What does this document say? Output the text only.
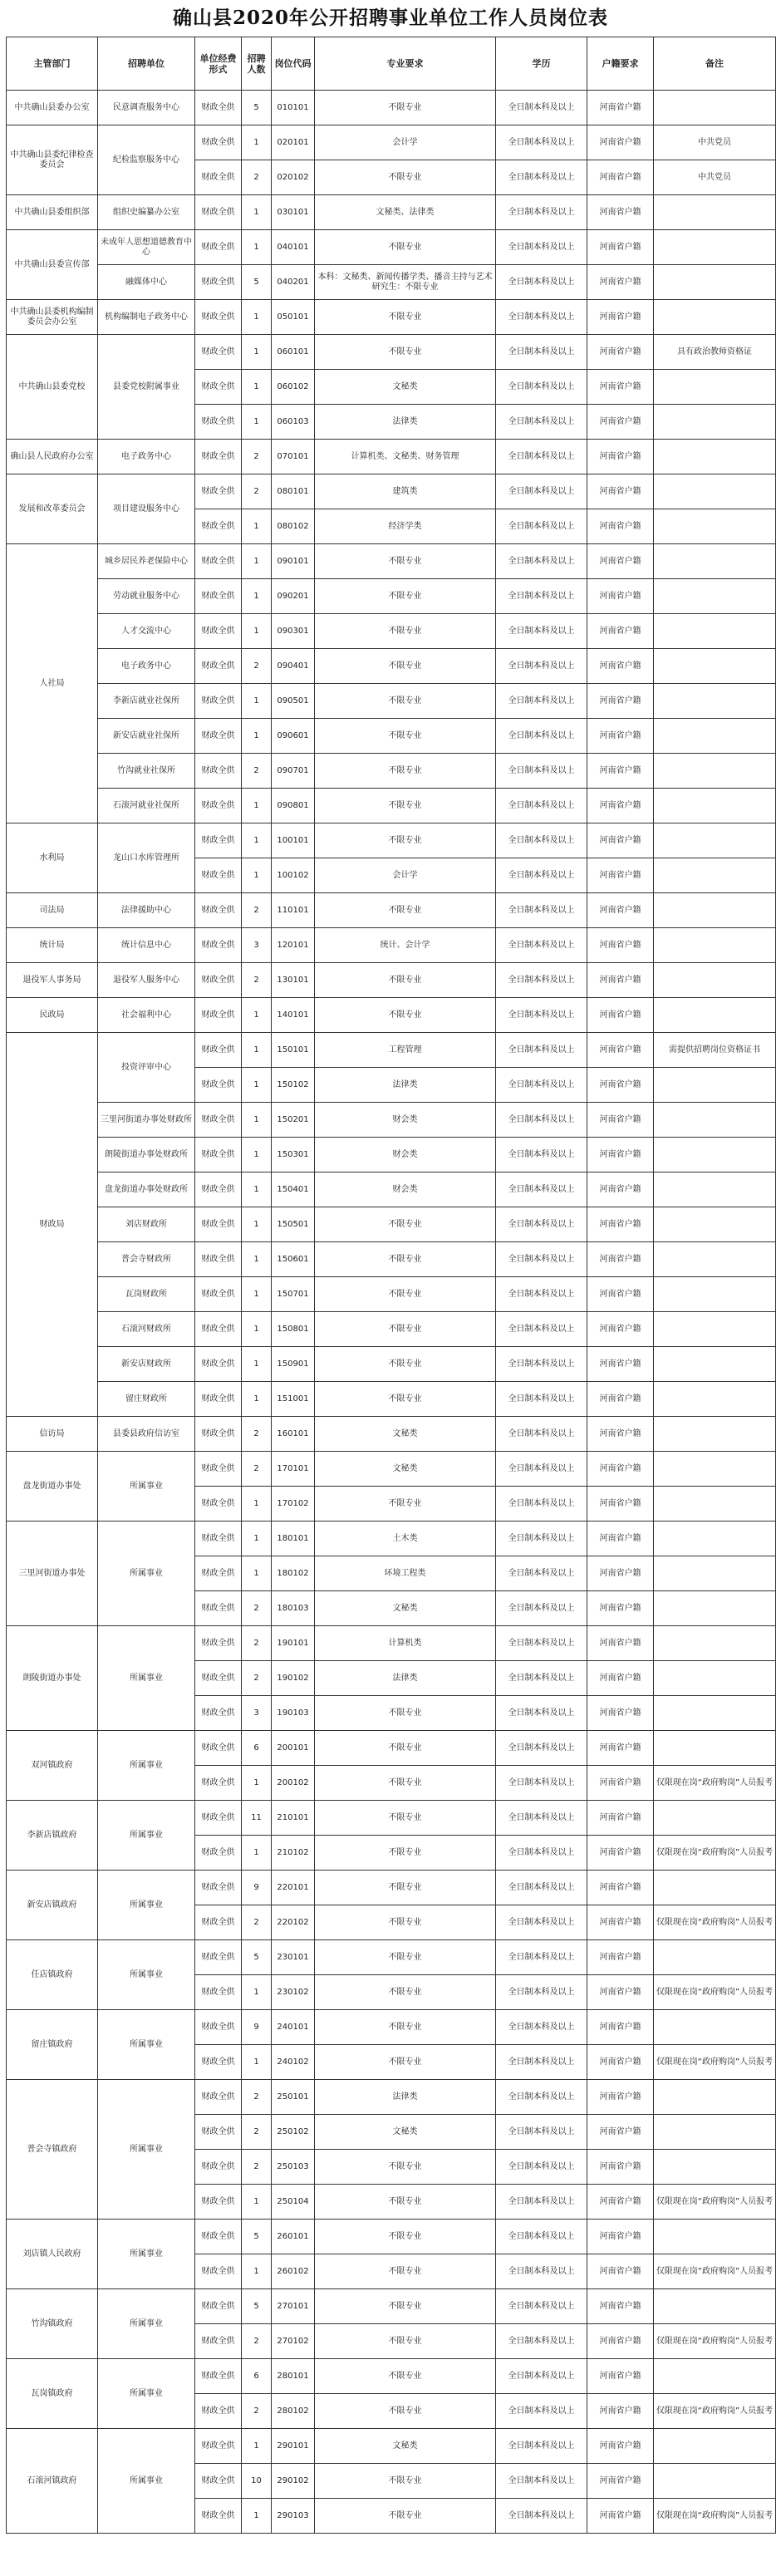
确山县2020年公开招聘事业单位工作人员岗位表
主管部门	招聘单位	单位经费形式	招聘人数	岗位代码	专业要求	学历	户籍要求	备注
中共确山县委办公室	民意调查服务中心	财政全供	5	010101	不限专业	全日制本科及以上	河南省户籍	
中共确山县委纪律检查委员会	纪检监察服务中心	财政全供	1	020101	会计学	全日制本科及以上	河南省户籍	中共党员
		财政全供	2	020102	不限专业	全日制本科及以上	河南省户籍	中共党员
中共确山县委组织部	组织史编纂办公室	财政全供	1	030101	文秘类、法律类	全日制本科及以上	河南省户籍	
中共确山县委宣传部	未成年人思想道德教育中心	财政全供	1	040101	不限专业	全日制本科及以上	河南省户籍	
	融媒体中心	财政全供	5	040201	本科：文秘类、新闻传播学类、播音主持与艺术　研究生：不限专业	全日制本科及以上	河南省户籍	
中共确山县委机构编制委员会办公室	机构编制电子政务中心	财政全供	1	050101	不限专业	全日制本科及以上	河南省户籍	
中共确山县委党校	县委党校附属事业	财政全供	1	060101	不限专业	全日制本科及以上	河南省户籍	具有政治教师资格证
		财政全供	1	060102	文秘类	全日制本科及以上	河南省户籍	
		财政全供	1	060103	法律类	全日制本科及以上	河南省户籍	
确山县人民政府办公室	电子政务中心	财政全供	2	070101	计算机类、文秘类、财务管理	全日制本科及以上	河南省户籍	
发展和改革委员会	项目建设服务中心	财政全供	2	080101	建筑类	全日制本科及以上	河南省户籍	
		财政全供	1	080102	经济学类	全日制本科及以上	河南省户籍	
人社局	城乡居民养老保险中心	财政全供	1	090101	不限专业	全日制本科及以上	河南省户籍	
	劳动就业服务中心	财政全供	1	090201	不限专业	全日制本科及以上	河南省户籍	
	人才交流中心	财政全供	1	090301	不限专业	全日制本科及以上	河南省户籍	
	电子政务中心	财政全供	2	090401	不限专业	全日制本科及以上	河南省户籍	
	李新店就业社保所	财政全供	1	090501	不限专业	全日制本科及以上	河南省户籍	
	新安店就业社保所	财政全供	1	090601	不限专业	全日制本科及以上	河南省户籍	
	竹沟就业社保所	财政全供	2	090701	不限专业	全日制本科及以上	河南省户籍	
	石滚河就业社保所	财政全供	1	090801	不限专业	全日制本科及以上	河南省户籍	
水利局	龙山口水库管理所	财政全供	1	100101	不限专业	全日制本科及以上	河南省户籍	
		财政全供	1	100102	会计学	全日制本科及以上	河南省户籍	
司法局	法律援助中心	财政全供	2	110101	不限专业	全日制本科及以上	河南省户籍	
统计局	统计信息中心	财政全供	3	120101	统计、会计学	全日制本科及以上	河南省户籍	
退役军人事务局	退役军人服务中心	财政全供	2	130101	不限专业	全日制本科及以上	河南省户籍	
民政局	社会福利中心	财政全供	1	140101	不限专业	全日制本科及以上	河南省户籍	
财政局	投资评审中心	财政全供	1	150101	工程管理	全日制本科及以上	河南省户籍	需提供招聘岗位资格证书
		财政全供	1	150102	法律类	全日制本科及以上	河南省户籍	
	三里河街道办事处财政所	财政全供	1	150201	财会类	全日制本科及以上	河南省户籍	
	朗陵街道办事处财政所	财政全供	1	150301	财会类	全日制本科及以上	河南省户籍	
	盘龙街道办事处财政所	财政全供	1	150401	财会类	全日制本科及以上	河南省户籍	
	刘店财政所	财政全供	1	150501	不限专业	全日制本科及以上	河南省户籍	
	普会寺财政所	财政全供	1	150601	不限专业	全日制本科及以上	河南省户籍	
	瓦岗财政所	财政全供	1	150701	不限专业	全日制本科及以上	河南省户籍	
	石滚河财政所	财政全供	1	150801	不限专业	全日制本科及以上	河南省户籍	
	新安店财政所	财政全供	1	150901	不限专业	全日制本科及以上	河南省户籍	
	留庄财政所	财政全供	1	151001	不限专业	全日制本科及以上	河南省户籍	
信访局	县委县政府信访室	财政全供	2	160101	文秘类	全日制本科及以上	河南省户籍	
盘龙街道办事处	所属事业	财政全供	2	170101	文秘类	全日制本科及以上	河南省户籍	
		财政全供	1	170102	不限专业	全日制本科及以上	河南省户籍	
三里河街道办事处	所属事业	财政全供	1	180101	土木类	全日制本科及以上	河南省户籍	
		财政全供	1	180102	环境工程类	全日制本科及以上	河南省户籍	
		财政全供	2	180103	文秘类	全日制本科及以上	河南省户籍	
朗陵街道办事处	所属事业	财政全供	2	190101	计算机类	全日制本科及以上	河南省户籍	
		财政全供	2	190102	法律类	全日制本科及以上	河南省户籍	
		财政全供	3	190103	不限专业	全日制本科及以上	河南省户籍	
双河镇政府	所属事业	财政全供	6	200101	不限专业	全日制本科及以上	河南省户籍	
		财政全供	1	200102	不限专业	全日制本科及以上	河南省户籍	仅限现在岗“政府购岗”人员报考
李新店镇政府	所属事业	财政全供	11	210101	不限专业	全日制本科及以上	河南省户籍	
		财政全供	1	210102	不限专业	全日制本科及以上	河南省户籍	仅限现在岗“政府购岗”人员报考
新安店镇政府	所属事业	财政全供	9	220101	不限专业	全日制本科及以上	河南省户籍	
		财政全供	2	220102	不限专业	全日制本科及以上	河南省户籍	仅限现在岗“政府购岗”人员报考
任店镇政府	所属事业	财政全供	5	230101	不限专业	全日制本科及以上	河南省户籍	
		财政全供	1	230102	不限专业	全日制本科及以上	河南省户籍	仅限现在岗“政府购岗”人员报考
留庄镇政府	所属事业	财政全供	9	240101	不限专业	全日制本科及以上	河南省户籍	
		财政全供	1	240102	不限专业	全日制本科及以上	河南省户籍	仅限现在岗“政府购岗”人员报考
普会寺镇政府	所属事业	财政全供	2	250101	法律类	全日制本科及以上	河南省户籍	
		财政全供	2	250102	文秘类	全日制本科及以上	河南省户籍	
		财政全供	2	250103	不限专业	全日制本科及以上	河南省户籍	
		财政全供	1	250104	不限专业	全日制本科及以上	河南省户籍	仅限现在岗“政府购岗”人员报考
刘店镇人民政府	所属事业	财政全供	5	260101	不限专业	全日制本科及以上	河南省户籍	
		财政全供	1	260102	不限专业	全日制本科及以上	河南省户籍	仅限现在岗“政府购岗”人员报考
竹沟镇政府	所属事业	财政全供	5	270101	不限专业	全日制本科及以上	河南省户籍	
		财政全供	2	270102	不限专业	全日制本科及以上	河南省户籍	仅限现在岗“政府购岗”人员报考
瓦岗镇政府	所属事业	财政全供	6	280101	不限专业	全日制本科及以上	河南省户籍	
		财政全供	2	280102	不限专业	全日制本科及以上	河南省户籍	仅限现在岗“政府购岗”人员报考
石滚河镇政府	所属事业	财政全供	1	290101	文秘类	全日制本科及以上	河南省户籍	
		财政全供	10	290102	不限专业	全日制本科及以上	河南省户籍	
		财政全供	1	290103	不限专业	全日制本科及以上	河南省户籍	仅限现在岗“政府购岗”人员报考
